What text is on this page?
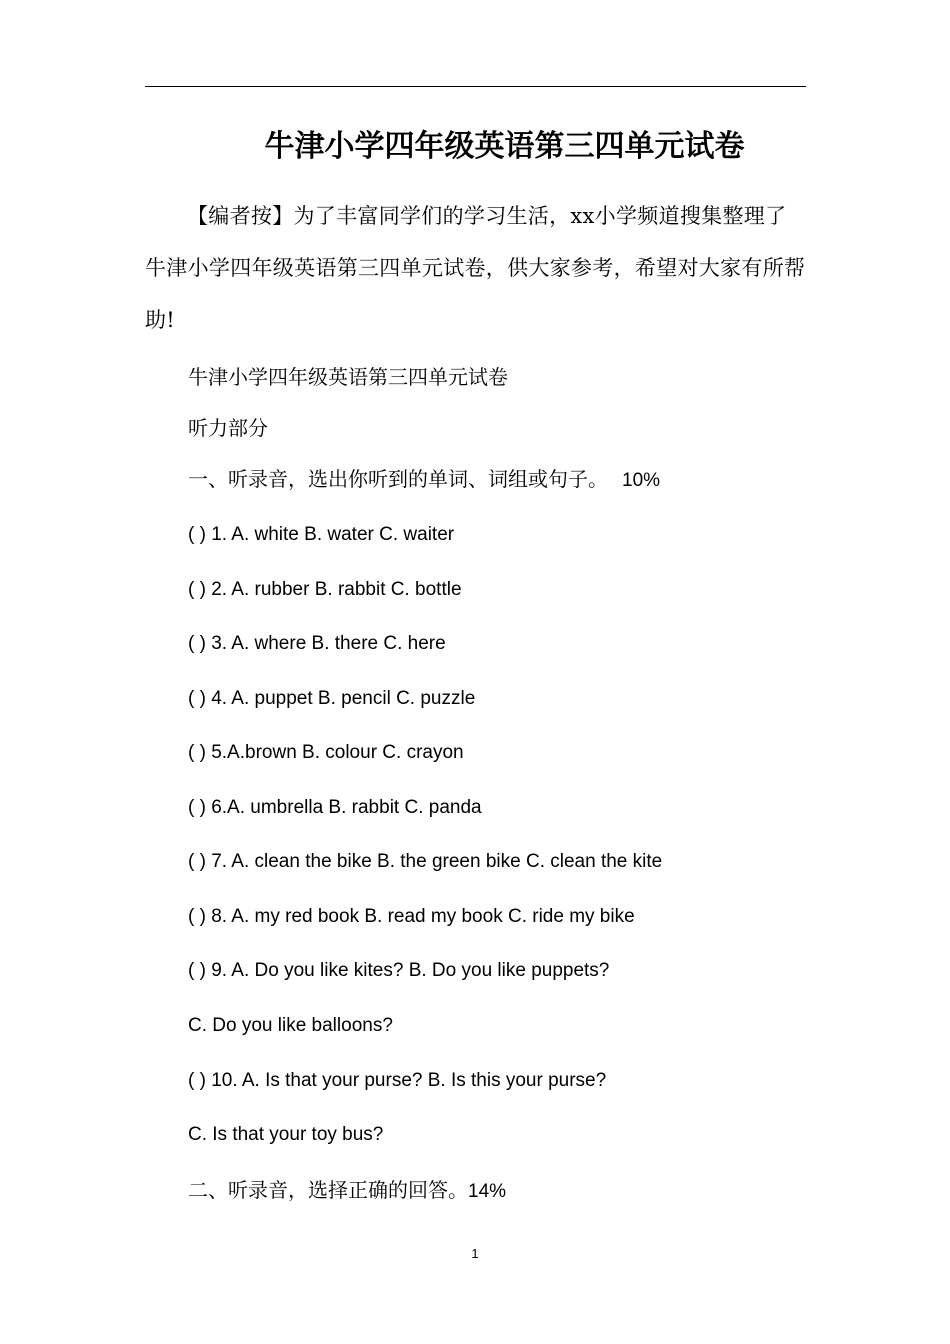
牛津小学四年级英语第三四单元试卷

【编者按】为了丰富同学们的学习生活，xx小学频道搜集整理了牛津小学四年级英语第三四单元试卷，供大家参考，希望对大家有所帮助!

牛津小学四年级英语第三四单元试卷

听力部分

一、听录音，选出你听到的单词、词组或句子。 10%

( ) 1. A. white B. water C. waiter

( ) 2. A. rubber B. rabbit C. bottle

( ) 3. A. where B. there C. here

( ) 4. A. puppet B. pencil C. puzzle

( ) 5.A.brown B. colour C. crayon

( ) 6.A. umbrella B. rabbit C. panda

( ) 7. A. clean the bike B. the green bike C. clean the kite

( ) 8. A. my red book B. read my book C. ride my bike

( ) 9. A. Do you like kites? B. Do you like puppets?

C. Do you like balloons?

( ) 10. A. Is that your purse? B. Is this your purse?

C. Is that your toy bus?

二、听录音，选择正确的回答。14%

1
